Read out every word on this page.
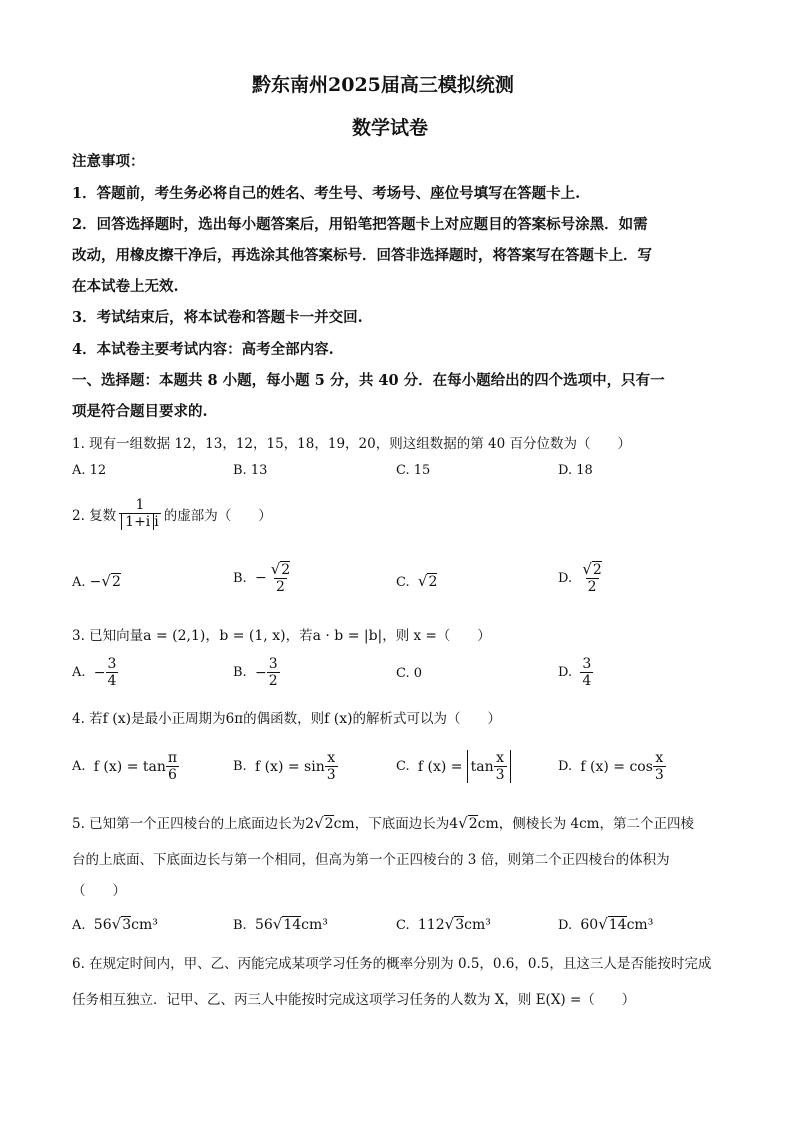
黔东南州2025届高三模拟统测
数学试卷
注意事项：
1．答题前，考生务必将自己的姓名、考生号、考场号、座位号填写在答题卡上.
2．回答选择题时，选出每小题答案后，用铅笔把答题卡上对应题目的答案标号涂黑．如需
改动，用橡皮擦干净后，再选涂其他答案标号．回答非选择题时，将答案写在答题卡上．写
在本试卷上无效.
3．考试结束后，将本试卷和答题卡一并交回.
4．本试卷主要考试内容：高考全部内容.
一、选择题：本题共 8 小题，每小题 5 分，共 40 分．在每小题给出的四个选项中，只有一
项是符合题目要求的.
1. 现有一组数据 12，13，12，15，18，19，20，则这组数据的第 40 百分位数为（　　）
A. 12	B. 13	C. 15	D. 18
2. 复数 $\frac{1}{\text{1+i i}}$ 的虚部为（　　）
A. −√2	B.
− $\frac{√2}{2}$	C. √2	D.
$\frac{√2}{2}$
3. 已知向量a = (2,1)，b = (1, x)，若a · b = |b|，则 x =（　　）
A.
− $\frac{3}{4}$	B.
− $\frac{3}{2}$	C. 0	D.
$\frac{3}{4}$
4. 若f (x)是最小正周期为6π的偶函数，则f (x)的解析式可以为（　　）
A.
f $(x) = \tan \frac{\pi}{6}$	B.
f $(x) = \sin \frac{x}{3}$	C.
f (x) =
$\tan \frac{x}{3}$	D.
f $(x) = \cos \frac{x}{3}$
5. 已知第一个正四棱台的上底面边长为2√2cm，下底面边长为4√2cm，侧棱长为 4cm，第二个正四棱
台的上底面、下底面边长与第一个相同，但高为第一个正四棱台的 3 倍，则第二个正四棱台的体积为
（　　）
A. 56√3cm³	B. 56√14cm³	C. 112√3cm³	D. 60√14cm³
6. 在规定时间内，甲、乙、丙能完成某项学习任务的概率分别为 0.5，0.6，0.5，且这三人是否能按时完成
任务相互独立．记甲、乙、丙三人中能按时完成这项学习任务的人数为 X，则 E(X) =（　　）
